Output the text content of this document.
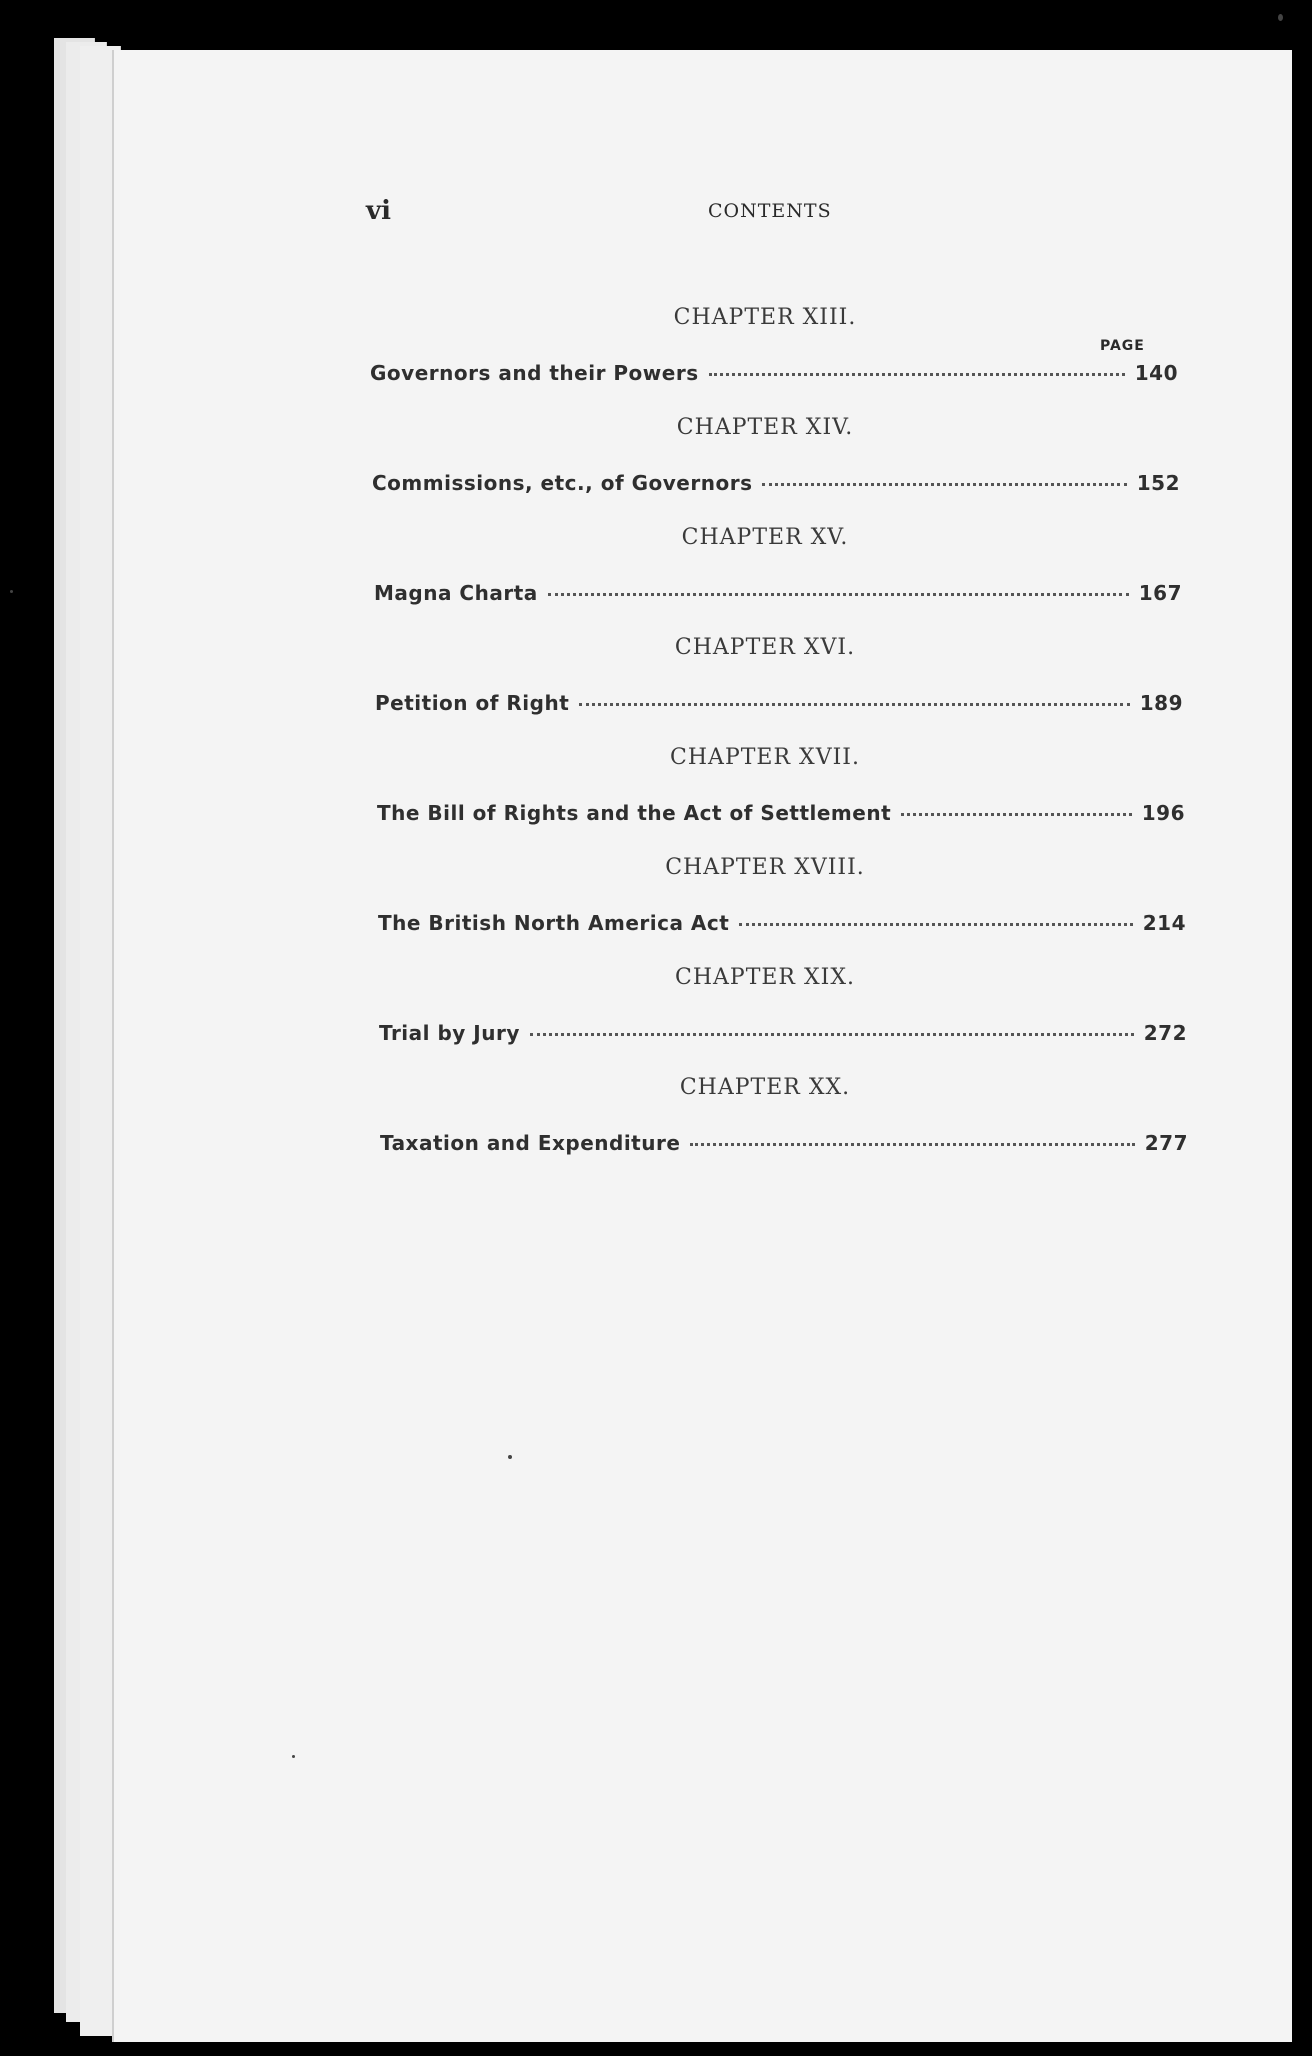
vi	CONTENTS
PAGE
CHAPTER XIII.
Governors and their Powers	140
CHAPTER XIV.
Commissions, etc., of Governors	152
CHAPTER XV.
Magna Charta	167
CHAPTER XVI.
Petition of Right	189
CHAPTER XVII.
The Bill of Rights and the Act of Settlement	196
CHAPTER XVIII.
The British North America Act	214
CHAPTER XIX.
Trial by Jury	272
CHAPTER XX.
Taxation and Expenditure	277
